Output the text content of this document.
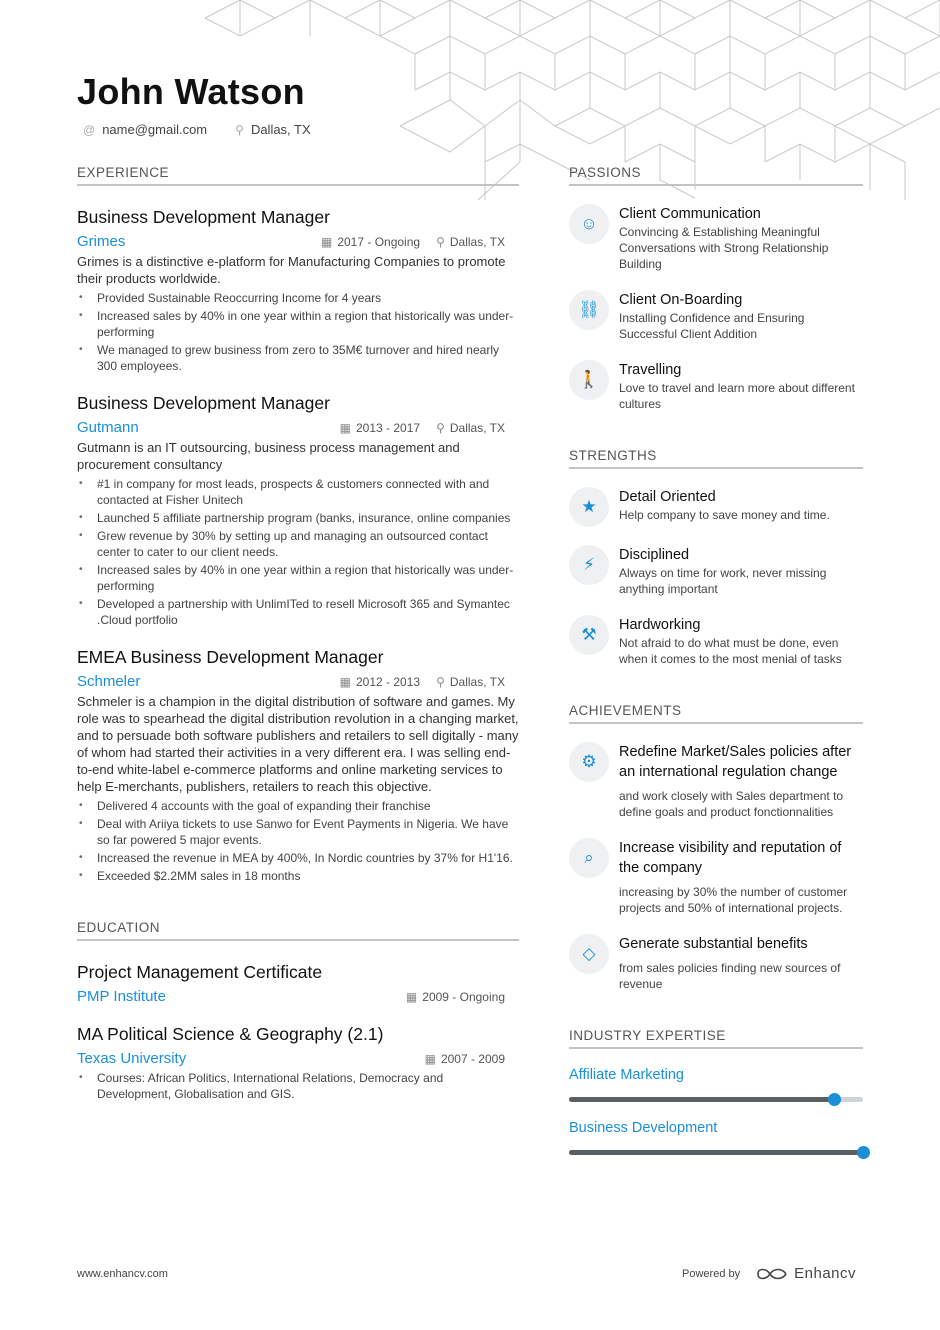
John Watson
@ name@gmail.com ⚲ Dallas, TX
EXPERIENCE
Business Development Manager
Grimes	▦ 2017 - Ongoing ⚲ Dallas, TX
Grimes is a distinctive e-platform for Manufacturing Companies to promote their products worldwide.
• Provided Sustainable Reoccurring Income for 4 years
• Increased sales by 40% in one year within a region that historically was under-performing
• We managed to grew business from zero to 35M€ turnover and hired nearly 300 employees.
Business Development Manager
Gutmann	▦ 2013 - 2017 ⚲ Dallas, TX
Gutmann is an IT outsourcing, business process management and procurement consultancy
• #1 in company for most leads, prospects & customers connected with and contacted at Fisher Unitech
• Launched 5 affiliate partnership program (banks, insurance, online companies
• Grew revenue by 30% by setting up and managing an outsourced contact center to cater to our client needs.
• Increased sales by 40% in one year within a region that historically was under-performing
• Developed a partnership with UnlimITed to resell Microsoft 365 and Symantec .Cloud portfolio
EMEA Business Development Manager
Schmeler	▦ 2012 - 2013 ⚲ Dallas, TX
Schmeler is a champion in the digital distribution of software and games. My role was to spearhead the digital distribution revolution in a changing market, and to persuade both software publishers and retailers to sell digitally - many of whom had started their activities in a very different era. I was selling end-to-end white-label e-commerce platforms and online marketing services to help E-merchants, publishers, retailers to reach this objective.
• Delivered 4 accounts with the goal of expanding their franchise
• Deal with Ariiya tickets to use Sanwo for Event Payments in Nigeria. We have so far powered 5 major events.
• Increased the revenue in MEA by 400%, In Nordic countries by 37% for H1'16.
• Exceeded $2.2MM sales in 18 months
EDUCATION
Project Management Certificate
PMP Institute	▦ 2009 - Ongoing
MA Political Science & Geography (2.1)
Texas University	▦ 2007 - 2009
• Courses: African Politics, International Relations, Democracy and Development, Globalisation and GIS.
PASSIONS
☺	Client Communication
Convincing & Establishing Meaningful Conversations with Strong Relationship Building
⛓	Client On-Boarding
Installing Confidence and Ensuring Successful Client Addition
🚶	Travelling
Love to travel and learn more about different cultures
STRENGTHS
★	Detail Oriented
Help company to save money and time.
⚡	Disciplined
Always on time for work, never missing anything important
⚒	Hardworking
Not afraid to do what must be done, even when it comes to the most menial of tasks
ACHIEVEMENTS
⚙	Redefine Market/Sales policies after an international regulation change
and work closely with Sales department to define goals and product fonctionnalities
⌕	Increase visibility and reputation of the company
increasing by 30% the number of customer projects and 50% of international projects.
◇	Generate substantial benefits
from sales policies finding new sources of revenue
INDUSTRY EXPERTISE
Affiliate Marketing
Business Development
www.enhancv.com	Powered by	Enhancv
